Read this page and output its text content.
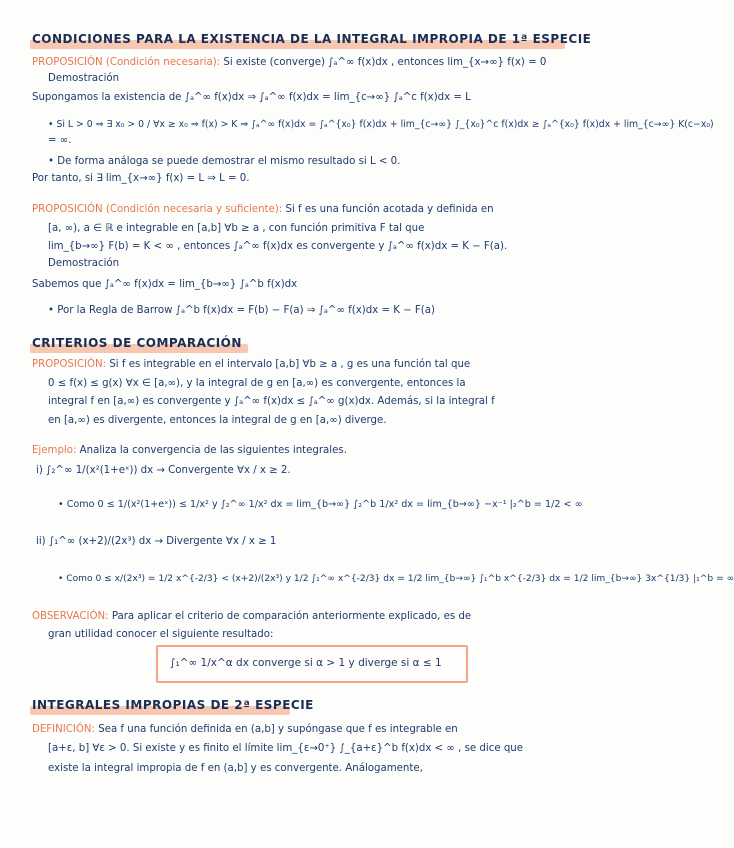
CONDICIONES PARA LA EXISTENCIA DE LA INTEGRAL IMPROPIA DE 1ª ESPECIE
PROPOSICIÓN (Condición necesaria): Si existe (converge) ∫ₐ^∞ f(x)dx , entonces lim_{x→∞} f(x) = 0
Demostración
Supongamos la existencia de ∫ₐ^∞ f(x)dx ⇒ ∫ₐ^∞ f(x)dx = lim_{c→∞} ∫ₐ^c f(x)dx = L
• Si L > 0 ⇒ ∃ x₀ > 0 / ∀x ≥ x₀ ⇒ f(x) > K ⇒ ∫ₐ^∞ f(x)dx = ∫ₐ^{x₀} f(x)dx + lim_{c→∞} ∫_{x₀}^c f(x)dx ≥ ∫ₐ^{x₀} f(x)dx + lim_{c→∞} K(c−x₀)
= ∞.
• De forma análoga se puede demostrar el mismo resultado si L < 0.
Por tanto, si ∃ lim_{x→∞} f(x) = L ⇒ L = 0.
PROPOSICIÓN (Condición necesaria y suficiente): Si f es una función acotada y definida en
[a, ∞), a ∈ ℝ e integrable en [a,b] ∀b ≥ a , con función primitiva F tal que
lim_{b→∞} F(b) = K < ∞ , entonces ∫ₐ^∞ f(x)dx es convergente y ∫ₐ^∞ f(x)dx = K − F(a).
Demostración
Sabemos que ∫ₐ^∞ f(x)dx = lim_{b→∞} ∫ₐ^b f(x)dx
• Por la Regla de Barrow ∫ₐ^b f(x)dx = F(b) − F(a) ⇒ ∫ₐ^∞ f(x)dx = K − F(a)
CRITERIOS DE COMPARACIÓN
PROPOSICIÓN: Si f es integrable en el intervalo [a,b] ∀b ≥ a , g es una función tal que
0 ≤ f(x) ≤ g(x) ∀x ∈ [a,∞), y la integral de g en [a,∞) es convergente, entonces la
integral f en [a,∞) es convergente y ∫ₐ^∞ f(x)dx ≤ ∫ₐ^∞ g(x)dx. Además, si la integral f
en [a,∞) es divergente, entonces la integral de g en [a,∞) diverge.
Ejemplo: Analiza la convergencia de las siguientes integrales.
i) ∫₂^∞ 1/(x²(1+eˣ)) dx → Convergente ∀x / x ≥ 2.
• Como 0 ≤ 1/(x²(1+eˣ)) ≤ 1/x² y ∫₂^∞ 1/x² dx = lim_{b→∞} ∫₂^b 1/x² dx = lim_{b→∞} −x⁻¹ |₂^b = 1/2 < ∞
ii) ∫₁^∞ (x+2)/(2x³) dx → Divergente ∀x / x ≥ 1
• Como 0 ≤ x/(2x³) = 1/2 x^{-2/3} < (x+2)/(2x³) y 1/2 ∫₁^∞ x^{-2/3} dx = 1/2 lim_{b→∞} ∫₁^b x^{-2/3} dx = 1/2 lim_{b→∞} 3x^{1/3} |₁^b = ∞
OBSERVACIÓN: Para aplicar el criterio de comparación anteriormente explicado, es de
gran utilidad conocer el siguiente resultado:
∫₁^∞ 1/x^α dx converge si α > 1 y diverge si α ≤ 1
INTEGRALES IMPROPIAS DE 2ª ESPECIE
DEFINICIÓN: Sea f una función definida en (a,b] y supóngase que f es integrable en
[a+ε, b] ∀ε > 0. Si existe y es finito el límite lim_{ε→0⁺} ∫_{a+ε}^b f(x)dx < ∞ , se dice que
existe la integral impropia de f en (a,b] y es convergente. Análogamente,
